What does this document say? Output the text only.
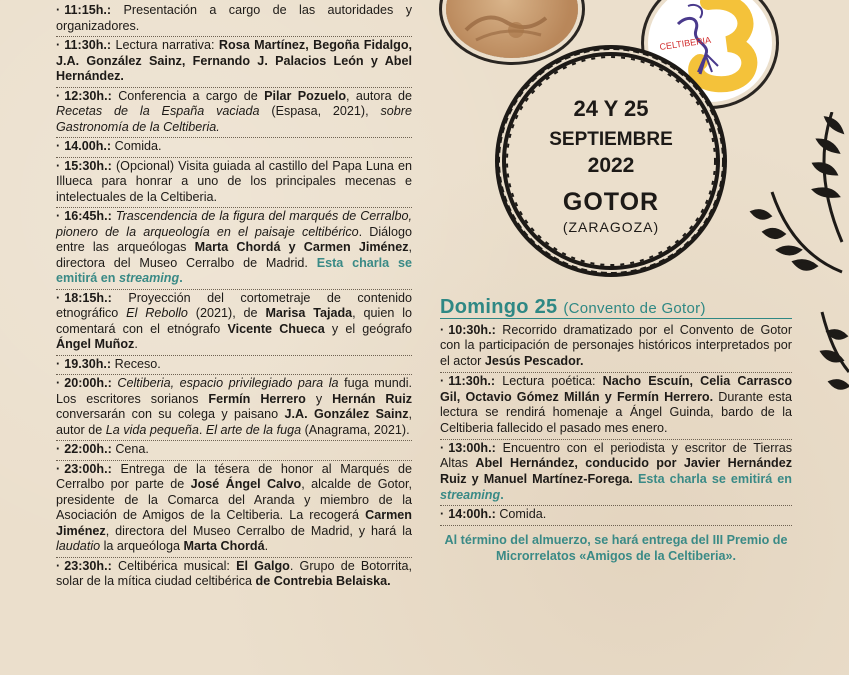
· 11:15h.: Presentación a cargo de las autoridades y organizadores.
· 11:30h.: Lectura narrativa: Rosa Martínez, Begoña Fidalgo, J.A. González Sainz, Fernando J. Palacios León y Abel Hernández.
· 12:30h.: Conferencia a cargo de Pilar Pozuelo, autora de Recetas de la España vaciada (Espasa, 2021), sobre Gastronomía de la Celtiberia.
· 14.00h.: Comida.
· 15:30h.: (Opcional) Visita guiada al castillo del Papa Luna en Illueca para honrar a uno de los principales mecenas e intelectuales de la Celtiberia.
· 16:45h.: Trascendencia de la figura del marqués de Cerralbo, pionero de la arqueología en el paisaje celtibérico. Diálogo entre las arqueólogas Marta Chordá y Carmen Jiménez, directora del Museo Cerralbo de Madrid. Esta charla se emitirá en streaming.
· 18:15h.: Proyección del cortometraje de contenido etnográfico El Rebollo (2021), de Marisa Tajada, quien lo comentará con el etnógrafo Vicente Chueca y el geógrafo Ángel Muñoz.
· 19.30h.: Receso.
· 20:00h.: Celtiberia, espacio privilegiado para la fuga mundi. Los escritores sorianos Fermín Herrero y Hernán Ruiz conversarán con su colega y paisano J.A. González Sainz, autor de La vida pequeña. El arte de la fuga (Anagrama, 2021).
· 22:00h.: Cena.
· 23:00h.: Entrega de la tésera de honor al Marqués de Cerralbo por parte de José Ángel Calvo, alcalde de Gotor, presidente de la Comarca del Aranda y miembro de la Asociación de Amigos de la Celtiberia. La recogerá Carmen Jiménez, directora del Museo Cerralbo de Madrid, y hará la laudatio la arqueóloga Marta Chordá.
· 23:30h.: Celtibérica musical: El Galgo. Grupo de Botorrita, solar de la mítica ciudad celtibérica de Contrebia Belaiska.
CELTIBERIA
24 Y 25
SEPTIEMBRE
2022
GOTOR
(ZARAGOZA)
Domingo 25 (Convento de Gotor)
· 10:30h.: Recorrido dramatizado por el Convento de Gotor con la participación de personajes históricos interpretados por el actor Jesús Pescador.
· 11:30h.: Lectura poética: Nacho Escuín, Celia Carrasco Gil, Octavio Gómez Millán y Fermín Herrero. Durante esta lectura se rendirá homenaje a Ángel Guinda, bardo de la Celtiberia fallecido el pasado mes enero.
· 13:00h.: Encuentro con el periodista y escritor de Tierras Altas Abel Hernández, conducido por Javier Hernández Ruiz y Manuel Martínez-Forega. Esta charla se emitirá en streaming.
· 14:00h.: Comida.
Al término del almuerzo, se hará entrega del III Premio de Microrrelatos «Amigos de la Celtiberia».
